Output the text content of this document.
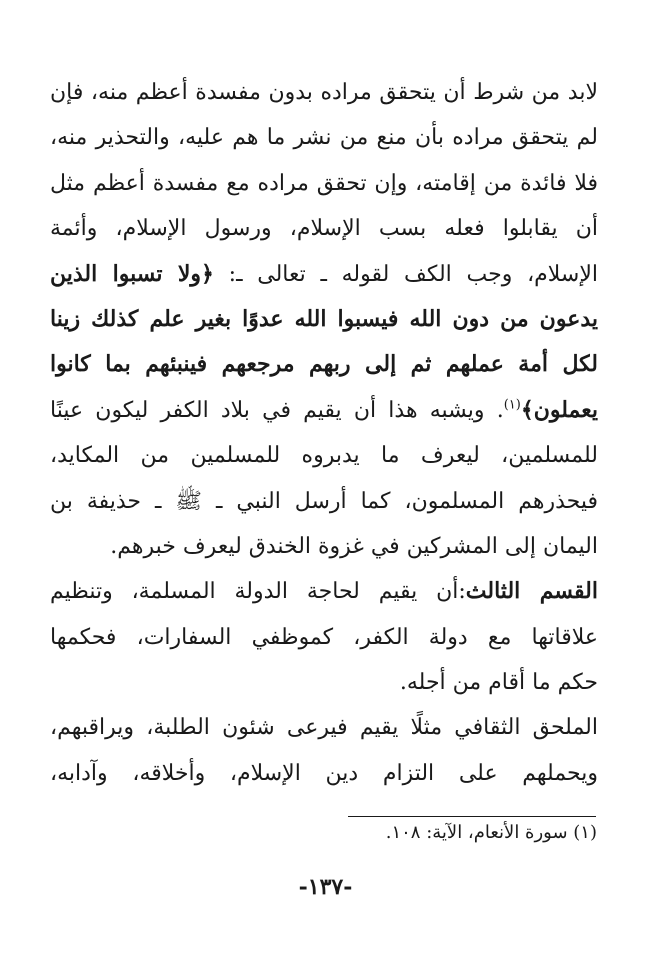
لابد من شرط أن يتحقق مراده بدون مفسدة أعظم منه، فإن
لم يتحقق مراده بأن منع من نشر ما هم عليه، والتحذير منه،
فلا فائدة من إقامته، وإن تحقق مراده مع مفسدة أعظم مثل
أن يقابلوا فعله بسب الإسلام، ورسول الإسلام، وأئمة
الإسلام، وجب الكف لقوله ـ تعالى ـ: ﴿ولا تسبوا الذين
يدعون من دون الله فيسبوا الله عدوًا بغير علم كذلك زينا
لكل أمة عملهم ثم إلى ربهم مرجعهم فينبئهم بما كانوا
يعملون﴾$^{(١)}$. ويشبه هذا أن يقيم في بلاد الكفر ليكون عينًا
للمسلمين، ليعرف ما يدبروه للمسلمين من المكايد،
فيحذرهم المسلمون، كما أرسل النبي ـ ﷺ ـ حذيفة بن
اليمان إلى المشركين في غزوة الخندق ليعرف خبرهم.
القسم الثالث:أن يقيم لحاجة الدولة المسلمة، وتنظيم
علاقاتها مع دولة الكفر، كموظفي السفارات، فحكمها
حكم ما أقام من أجله.
الملحق الثقافي مثلًا يقيم فيرعى شئون الطلبة، ويراقبهم،
ويحملهم على التزام دين الإسلام، وأخلاقه، وآدابه،
(١) سورة الأنعام، الآية: ١٠٨.
-١٣٧-
